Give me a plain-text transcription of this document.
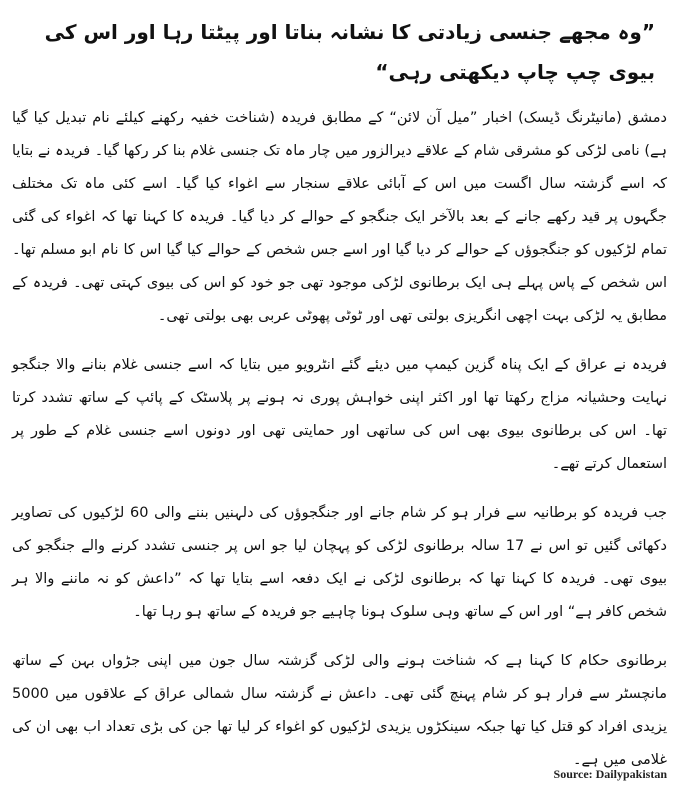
”وہ مجھے جنسی زیادتی کا نشانہ بناتا اور پیٹتا رہا اور اس کی بیوی چپ چاپ دیکھتی رہی“

دمشق (مانیٹرنگ ڈیسک) اخبار ”میل آن لائن“ کے مطابق فریدہ (شناخت خفیہ رکھنے کیلئے نام تبدیل کیا گیا ہے) نامی لڑکی کو مشرقی شام کے علاقے دیرالزور میں چار ماہ تک جنسی غلام بنا کر رکھا گیا۔ فریدہ نے بتایا کہ اسے گزشتہ سال اگست میں اس کے آبائی علاقے سنجار سے اغواء کیا گیا۔ اسے کئی ماہ تک مختلف جگہوں پر قید رکھے جانے کے بعد بالآخر ایک جنگجو کے حوالے کر دیا گیا۔ فریدہ کا کہنا تھا کہ اغواء کی گئی تمام لڑکیوں کو جنگجوؤں کے حوالے کر دیا گیا اور اسے جس شخص کے حوالے کیا گیا اس کا نام ابو مسلم تھا۔ اس شخص کے پاس پہلے ہی ایک برطانوی لڑکی موجود تھی جو خود کو اس کی بیوی کہتی تھی۔ فریدہ کے مطابق یہ لڑکی بہت اچھی انگریزی بولتی تھی اور ٹوٹی پھوٹی عربی بھی بولتی تھی۔

فریدہ نے عراق کے ایک پناہ گزین کیمپ میں دیئے گئے انٹرویو میں بتایا کہ اسے جنسی غلام بنانے والا جنگجو نہایت وحشیانہ مزاج رکھتا تھا اور اکثر اپنی خواہش پوری نہ ہونے پر پلاسٹک کے پائپ کے ساتھ تشدد کرتا تھا۔ اس کی برطانوی بیوی بھی اس کی ساتھی اور حمایتی تھی اور دونوں اسے جنسی غلام کے طور پر استعمال کرتے تھے۔

جب فریدہ کو برطانیہ سے فرار ہو کر شام جانے اور جنگجوؤں کی دلہنیں بننے والی 60 لڑکیوں کی تصاویر دکھائی گئیں تو اس نے 17 سالہ برطانوی لڑکی کو پہچان لیا جو اس پر جنسی تشدد کرنے والے جنگجو کی بیوی تھی۔ فریدہ کا کہنا تھا کہ برطانوی لڑکی نے ایک دفعہ اسے بتایا تھا کہ ”داعش کو نہ ماننے والا ہر شخص کافر ہے“ اور اس کے ساتھ وہی سلوک ہونا چاہیے جو فریدہ کے ساتھ ہو رہا تھا۔

برطانوی حکام کا کہنا ہے کہ شناخت ہونے والی لڑکی گزشتہ سال جون میں اپنی جڑواں بہن کے ساتھ مانچسٹر سے فرار ہو کر شام پہنچ گئی تھی۔ داعش نے گزشتہ سال شمالی عراق کے علاقوں میں 5000 یزیدی افراد کو قتل کیا تھا جبکہ سینکڑوں یزیدی لڑکیوں کو اغواء کر لیا تھا جن کی بڑی تعداد اب بھی ان کی غلامی میں ہے۔

Source: Dailypakistan
